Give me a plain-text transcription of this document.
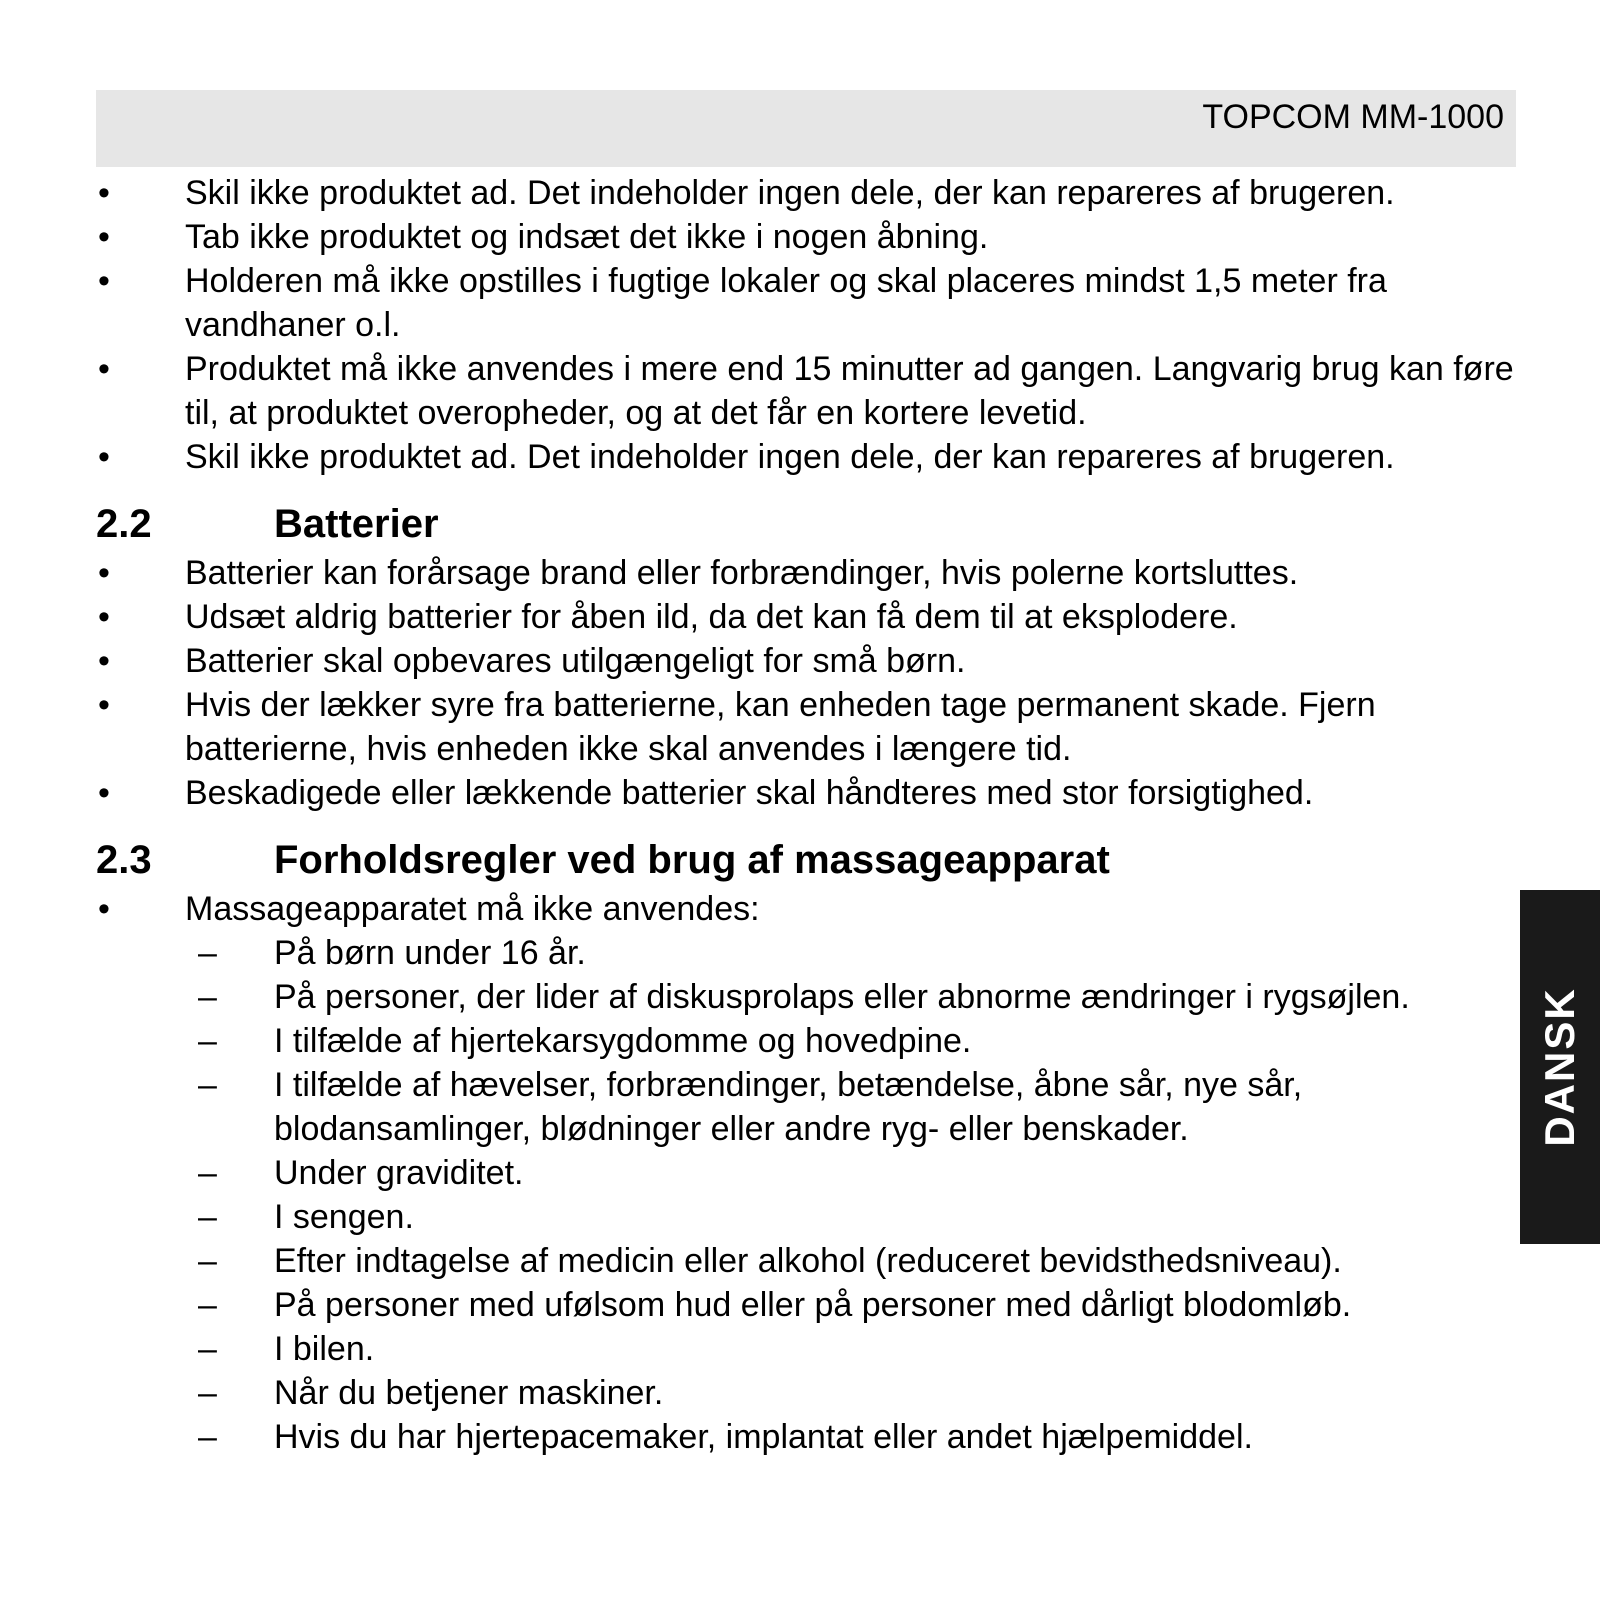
TOPCOM MM-1000
•	Skil ikke produktet ad. Det indeholder ingen dele, der kan repareres af brugeren.
•	Tab ikke produktet og indsæt det ikke i nogen åbning.
•	Holderen må ikke opstilles i fugtige lokaler og skal placeres mindst 1,5 meter fra vandhaner o.l.
•	Produktet må ikke anvendes i mere end 15 minutter ad gangen. Langvarig brug kan føre til, at produktet overopheder, og at det får en kortere levetid.
•	Skil ikke produktet ad. Det indeholder ingen dele, der kan repareres af brugeren.
2.2	Batterier
•	Batterier kan forårsage brand eller forbrændinger, hvis polerne kortsluttes.
•	Udsæt aldrig batterier for åben ild, da det kan få dem til at eksplodere.
•	Batterier skal opbevares utilgængeligt for små børn.
•	Hvis der lækker syre fra batterierne, kan enheden tage permanent skade. Fjern batterierne, hvis enheden ikke skal anvendes i længere tid.
•	Beskadigede eller lækkende batterier skal håndteres med stor forsigtighed.
2.3	Forholdsregler ved brug af massageapparat
•	Massageapparatet må ikke anvendes:
–	På børn under 16 år.
–	På personer, der lider af diskusprolaps eller abnorme ændringer i rygsøjlen.
–	I tilfælde af hjertekarsygdomme og hovedpine.
–	I tilfælde af hævelser, forbrændinger, betændelse, åbne sår, nye sår, blodansamlinger, blødninger eller andre ryg- eller benskader.
–	Under graviditet.
–	I sengen.
–	Efter indtagelse af medicin eller alkohol (reduceret bevidsthedsniveau).
–	På personer med ufølsom hud eller på personer med dårligt blodomløb.
–	I bilen.
–	Når du betjener maskiner.
–	Hvis du har hjertepacemaker, implantat eller andet hjælpemiddel.
DANSK
